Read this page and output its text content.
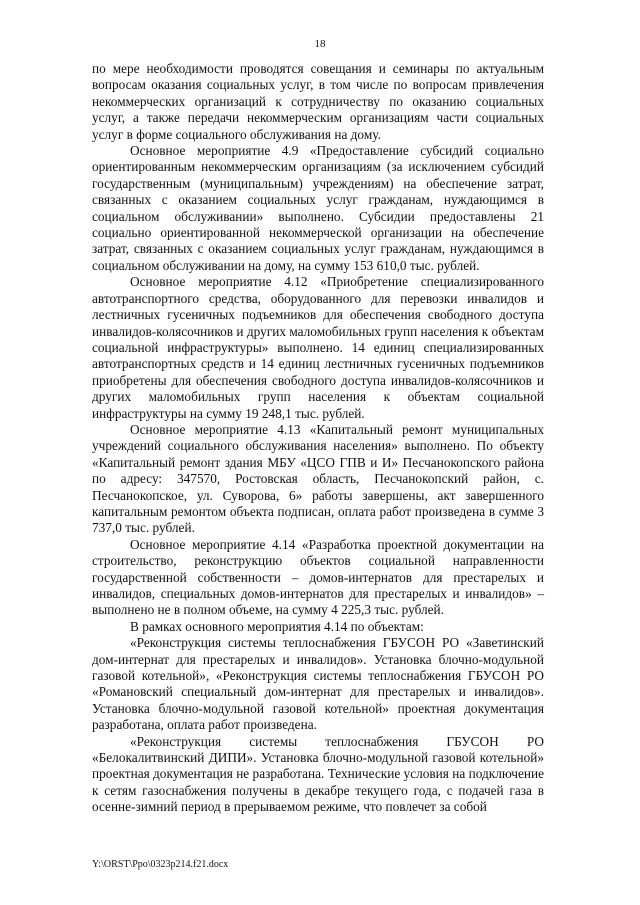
18

по мере необходимости проводятся совещания и семинары по актуальным вопросам оказания социальных услуг, в том числе по вопросам привлечения некоммерческих организаций к сотрудничеству по оказанию социальных услуг, а также передачи некоммерческим организациям части социальных услуг в форме социального обслуживания на дому.

Основное мероприятие 4.9 «Предоставление субсидий социально ориентированным некоммерческим организациям (за исключением субсидий государственным (муниципальным) учреждениям) на обеспечение затрат, связанных с оказанием социальных услуг гражданам, нуждающимся в социальном обслуживании» выполнено. Субсидии предоставлены 21 социально ориентированной некоммерческой организации на обеспечение затрат, связанных с оказанием социальных услуг гражданам, нуждающимся в социальном обслуживании на дому, на сумму 153 610,0 тыс. рублей.

Основное мероприятие 4.12 «Приобретение специализированного автотранспортного средства, оборудованного для перевозки инвалидов и лестничных гусеничных подъемников для обеспечения свободного доступа инвалидов-колясочников и других маломобильных групп населения к объектам социальной инфраструктуры» выполнено. 14 единиц специализированных автотранспортных средств и 14 единиц лестничных гусеничных подъемников приобретены для обеспечения свободного доступа инвалидов-колясочников и других маломобильных групп населения к объектам социальной инфраструктуры на сумму 19 248,1 тыс. рублей.

Основное мероприятие 4.13 «Капитальный ремонт муниципальных учреждений социального обслуживания населения» выполнено. По объекту «Капитальный ремонт здания МБУ «ЦСО ГПВ и И» Песчанокопского района по адресу: 347570, Ростовская область, Песчанокопский район, с. Песчанокопское, ул. Суворова, 6» работы завершены, акт завершенного капитальным ремонтом объекта подписан, оплата работ произведена в сумме 3 737,0 тыс. рублей.

Основное мероприятие 4.14 «Разработка проектной документации на строительство, реконструкцию объектов социальной направленности государственной собственности – домов-интернатов для престарелых и инвалидов, специальных домов-интернатов для престарелых и инвалидов» – выполнено не в полном объеме, на сумму 4 225,3 тыс. рублей.

В рамках основного мероприятия 4.14 по объектам:

«Реконструкция системы теплоснабжения ГБУСОН РО «Заветинский дом-интернат для престарелых и инвалидов». Установка блочно-модульной газовой котельной», «Реконструкция системы теплоснабжения ГБУСОН РО «Романовский специальный дом-интернат для престарелых и инвалидов». Установка блочно-модульной газовой котельной» проектная документация разработана, оплата работ произведена.

«Реконструкция системы теплоснабжения ГБУСОН РО «Белокалитвинский ДИПИ». Установка блочно-модульной газовой котельной» проектная документация не разработана. Технические условия на подключение к сетям газоснабжения получены в декабре текущего года, с подачей газа в осенне-зимний период в прерываемом режиме, что повлечет за собой

Y:\ORST\Ppo\0323p214.f21.docx
